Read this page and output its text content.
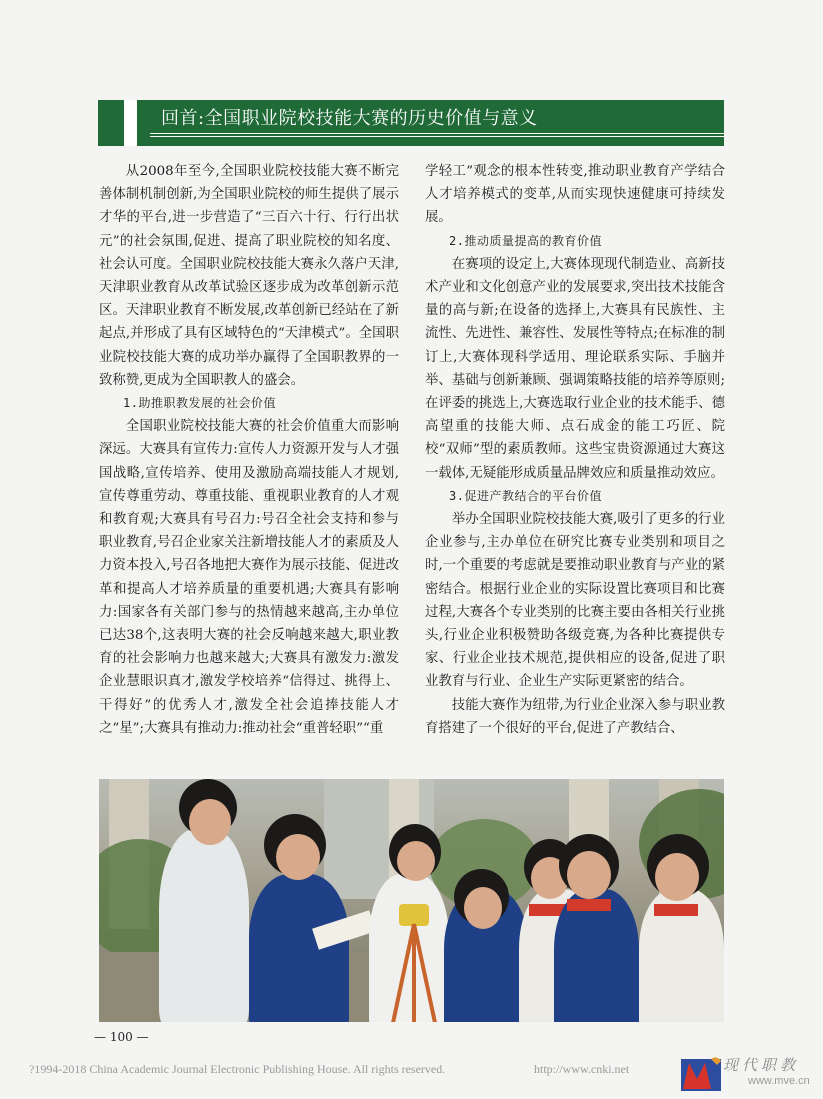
回首:全国职业院校技能大赛的历史价值与意义

从2008年至今,全国职业院校技能大赛不断完善体制机制创新,为全国职业院校的师生提供了展示才华的平台,进一步营造了“三百六十行、行行出状元”的社会氛围,促进、提高了职业院校的知名度、社会认可度。全国职业院校技能大赛永久落户天津,天津职业教育从改革试验区逐步成为改革创新示范区。天津职业教育不断发展,改革创新已经站在了新起点,并形成了具有区域特色的“天津模式”。全国职业院校技能大赛的成功举办赢得了全国职教界的一致称赞,更成为全国职教人的盛会。

1.助推职教发展的社会价值

全国职业院校技能大赛的社会价值重大而影响深远。大赛具有宣传力:宣传人力资源开发与人才强国战略,宣传培养、使用及激励高端技能人才规划,宣传尊重劳动、尊重技能、重视职业教育的人才观和教育观;大赛具有号召力:号召全社会支持和参与职业教育,号召企业家关注新增技能人才的素质及人力资本投入,号召各地把大赛作为展示技能、促进改革和提高人才培养质量的重要机遇;大赛具有影响力:国家各有关部门参与的热情越来越高,主办单位已达38个,这表明大赛的社会反响越来越大,职业教育的社会影响力也越来越大;大赛具有激发力:激发企业慧眼识真才,激发学校培养“信得过、挑得上、干得好”的优秀人才,激发全社会追捧技能人才之“星”;大赛具有推动力:推动社会“重普轻职”“重

学轻工”观念的根本性转变,推动职业教育产学结合人才培养模式的变革,从而实现快速健康可持续发展。

2.推动质量提高的教育价值

在赛项的设定上,大赛体现现代制造业、高新技术产业和文化创意产业的发展要求,突出技术技能含量的高与新;在设备的选择上,大赛具有民族性、主流性、先进性、兼容性、发展性等特点;在标准的制订上,大赛体现科学适用、理论联系实际、手脑并举、基础与创新兼顾、强调策略技能的培养等原则;在评委的挑选上,大赛选取行业企业的技术能手、德高望重的技能大师、点石成金的能工巧匠、院校“双师”型的素质教师。这些宝贵资源通过大赛这一载体,无疑能形成质量品牌效应和质量推动效应。

3.促进产教结合的平台价值

举办全国职业院校技能大赛,吸引了更多的行业企业参与,主办单位在研究比赛专业类别和项目之时,一个重要的考虑就是要推动职业教育与产业的紧密结合。根据行业企业的实际设置比赛项目和比赛过程,大赛各个专业类别的比赛主要由各相关行业挑头,行业企业积极赞助各级竞赛,为各种比赛提供专家、行业企业技术规范,提供相应的设备,促进了职业教育与行业、企业生产实际更紧密的结合。

技能大赛作为纽带,为行业企业深入参与职业教育搭建了一个很好的平台,促进了产教结合、

— 100 —
?1994-2018 China Academic Journal Electronic Publishing House. All rights reserved.	http://www.cnki.net	现代职教
www.mve.cn
